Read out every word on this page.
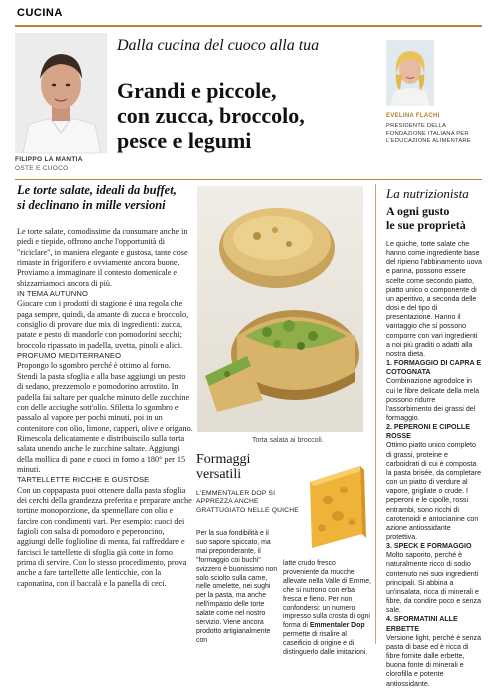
CUCINA
FILIPPO LA MANTIA
OSTE E CUOCO
Dalla cucina del cuoco alla tua
Grandi e piccole,
con zucca, broccolo,
pesce e legumi
EVELINA FLACHI
PRESIDENTE DELLA FONDAZIONE ITALIANA PER L'EDUCAZIONE ALIMENTARE
Le torte salate, ideali da buffet,
si declinano in mille versioni

Le torte salate, comodissime da consumare anche in piedi e tiepide, offrono anche l'opportunità di "riciclare", in maniera elegante e gustosa, tante cose rimaste in frigorifero e ovviamente ancora buone. Proviamo a immaginare il contesto domenicale e sbizzarriamoci ancora di più.

IN TEMA AUTUNNO

Giocare con i prodotti di stagione è una regola che paga sempre, quindi, da amante di zucca e broccolo, consiglio di provare due mix di ingredienti: zucca, patate e pesto di mandorle con pomodorini secchi; broccolo ripassato in padella, uvetta, pinoli e alici.

PROFUMO MEDITERRANEO

Propongo lo sgombro perché è ottimo al forno. Stendi la pasta sfoglia e alla base aggiungi un pesto di sedano, prezzemolo e pomodorino arrostito. In padella fai saltare per qualche minuto delle zucchine con delle acciughe sott'olio. Sfiletta lo sgombro e passalo al vapore per pochi minuti, poi in un contenitore con olio, limone, capperi, olive e origano. Rimescola delicatamente e distribuiscilo sulla torta salata unendo anche le zucchine saltate. Aggiungi della mollica di pane e cuoci in forno a 180° per 15 minuti.

TARTELLETTE RICCHE E GUSTOSE

Con un coppapasta puoi ottenere dalla pasta sfoglia dei cerchi della grandezza preferita e preparare anche tortine monoporzione, da spennellare con olio e farcire con condimenti vari. Per esempio: cuoci dei fagioli con salsa di pomodoro e peperoncino, aggiungi delle foglioline di menta, fai raffreddare e farcisci le tartellette di sfoglia già cotte in forno prima di servire. Con lo stesso procedimento, prova anche a fare tartellette alle lenticchie, con la caponatina, con il baccalà e la panella di ceci.

Torta salata ai broccoli.
Formaggi
versatili
L'EMMENTALER DOP SI APPREZZA ANCHE GRATTUGIATO NELLE QUICHE

Per la sua fondibilità e il suo sapore spiccato, ma mai preponderante, il "formaggio coi buchi" svizzero è buonissimo non solo sciolto sulla carne, nelle omelette, nei sughi per la pasta, ma anche nell'impasto delle torte salate come nel nostro servizio. Viene ancora prodotto artigianalmente con

latte crudo fresco proveniente da mucche allevate nella Valle di Emme, che si nutrono con erba fresca e fieno. Per non confondersi: un numero impresso sulla crosta di ogni forma di Emmentaler Dop permette di risalire al caseificio di origine e di distinguerlo dalle imitazioni.

La nutrizionista
A ogni gusto
le sue proprietà

Le quiche, torte salate che hanno come ingrediente base del ripieno l'abbinamento uova e panna, possono essere scelte come secondo piatto, piatto unico o componente di un aperitivo, a seconda delle dosi e del tipo di presentazione. Hanno il vantaggio che si possono comporre con vari ingredienti a noi più graditi o adatti alla nostra dieta.

1. FORMAGGIO DI CAPRA E COTOGNATA

Combinazione agrodolce in cui le fibre delicate della mela possono ridurre l'assorbimento dei grassi del formaggio.

2. PEPERONI E CIPOLLE ROSSE

Ottimo piatto unico completo di grassi, proteine e carboidrati di cui è composta la pasta brisée, da completare con un piatto di verdure al vapore, grigliate o crude. I peperoni e le cipolle, rossi entrambi, sono ricchi di carotenoidi e antocianine con azione antiossidante protettiva.

3. SPECK E FORMAGGIO

Molto saporito, perché è naturalmente ricco di sodio contenuto nei suoi ingredienti principali. Si abbina a un'insalata, ricca di minerali e fibre, da condire poco e senza sale.

4. SFORMATINI ALLE ERBETTE

Versione light, perché è senza pasta di base ed è ricca di fibre fornite dalle erbette, buona fonte di minerali e clorofilla e potente antiossidante.
